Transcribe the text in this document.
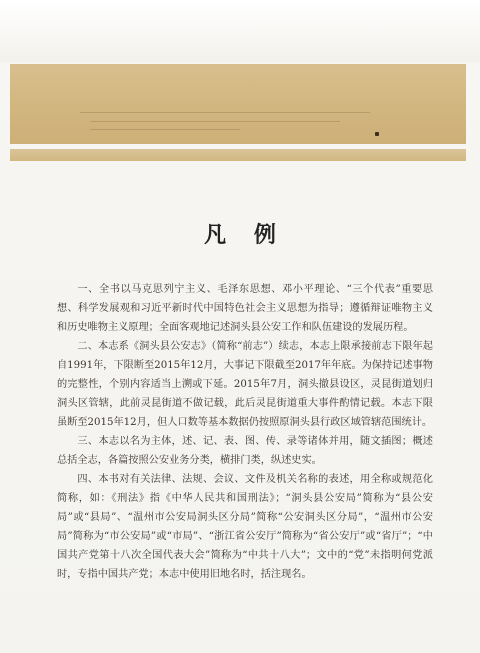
凡 例

一、全书以马克思列宁主义、毛泽东思想、邓小平理论、“三个代表”重要思想、科学发展观和习近平新时代中国特色社会主义思想为指导；遵循辩证唯物主义和历史唯物主义原理；全面客观地记述洞头县公安工作和队伍建设的发展历程。

二、本志系《洞头县公安志》（简称“前志”）续志，本志上限承接前志下限年起自1991年，下限断至2015年12月，大事记下限截至2017年年底。为保持记述事物的完整性，个别内容适当上溯或下延。2015年7月，洞头撤县设区，灵昆街道划归洞头区管辖，此前灵昆街道不做记载，此后灵昆街道重大事件酌情记载。本志下限虽断至2015年12月，但人口数等基本数据仍按照原洞头县行政区域管辖范围统计。

三、本志以名为主体，述、记、表、图、传、录等诸体并用，随文插图；概述总括全志，各篇按照公安业务分类，横排门类，纵述史实。

四、本书对有关法律、法规、会议、文件及机关名称的表述，用全称或规范化简称，如：《刑法》指《中华人民共和国刑法》；“洞头县公安局”简称为“县公安局”或“县局”、“温州市公安局洞头区分局”简称“公安洞头区分局”，“温州市公安局”简称为“市公安局”或“市局”、“浙江省公安厅”简称为“省公安厅”或“省厅”；“中国共产党第十八次全国代表大会”简称为“中共十八大”；文中的“党”未指明何党派时，专指中国共产党；本志中使用旧地名时，括注现名。
